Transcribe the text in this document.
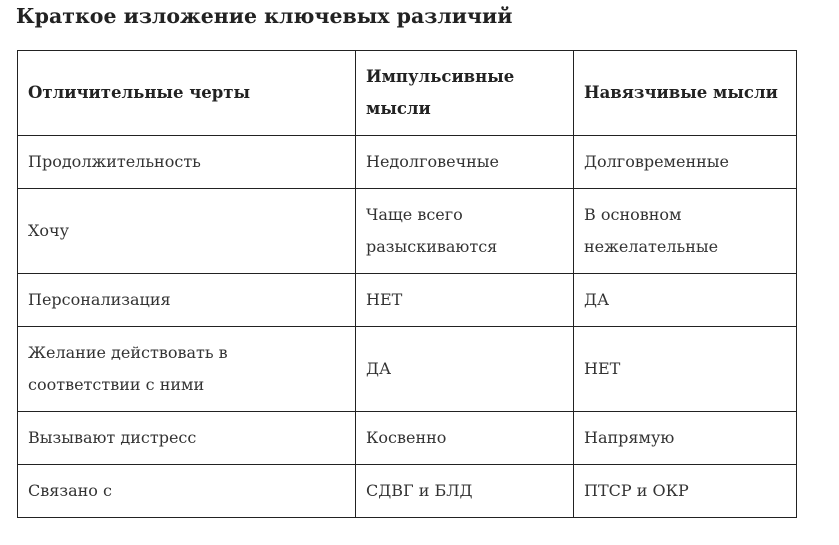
Краткое изложение ключевых различий
Отличительные черты	Импульсивные мысли	Навязчивые мысли
Продолжительность	Недолговечные	Долговременные
Хочу	Чаще всего разыскиваются	В основном нежелательные
Персонализация	НЕТ	ДА
Желание действовать в соответствии с ними	ДА	НЕТ
Вызывают дистресс	Косвенно	Напрямую
Связано с	СДВГ и БЛД	ПТСР и ОКР
